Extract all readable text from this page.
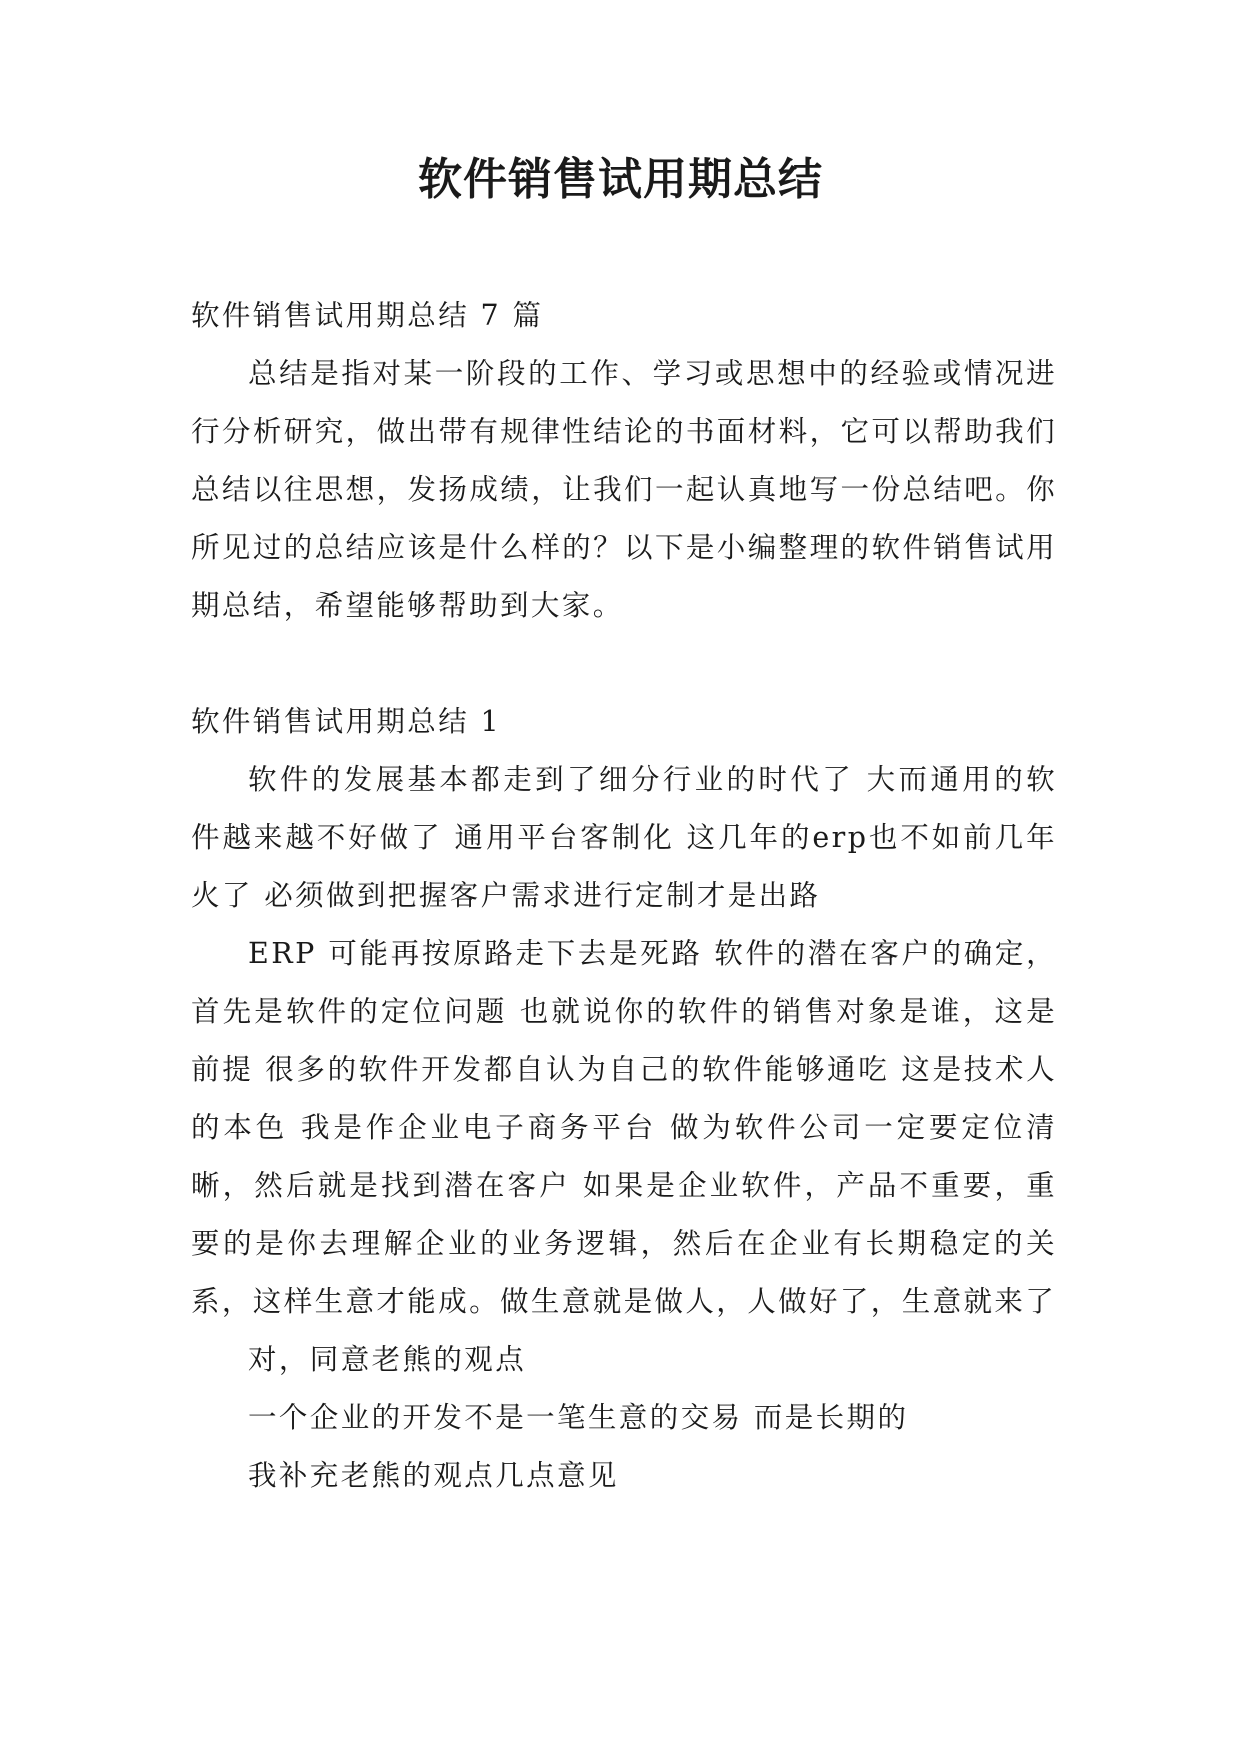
软件销售试用期总结

软件销售试用期总结 7 篇

总结是指对某一阶段的工作、学习或思想中的经验或情况进行分析研究，做出带有规律性结论的书面材料，它可以帮助我们总结以往思想，发扬成绩，让我们一起认真地写一份总结吧。你所见过的总结应该是什么样的？以下是小编整理的软件销售试用期总结，希望能够帮助到大家。

软件销售试用期总结 1

软件的发展基本都走到了细分行业的时代了 大而通用的软件越来越不好做了 通用平台客制化 这几年的erp也不如前几年火了 必须做到把握客户需求进行定制才是出路

ERP 可能再按原路走下去是死路 软件的潜在客户的确定，首先是软件的定位问题 也就说你的软件的销售对象是谁，这是前提 很多的软件开发都自认为自己的软件能够通吃 这是技术人的本色 我是作企业电子商务平台 做为软件公司一定要定位清晰，然后就是找到潜在客户 如果是企业软件，产品不重要，重要的是你去理解企业的业务逻辑，然后在企业有长期稳定的关系，这样生意才能成。做生意就是做人，人做好了，生意就来了

对，同意老熊的观点

一个企业的开发不是一笔生意的交易 而是长期的

我补充老熊的观点几点意见
